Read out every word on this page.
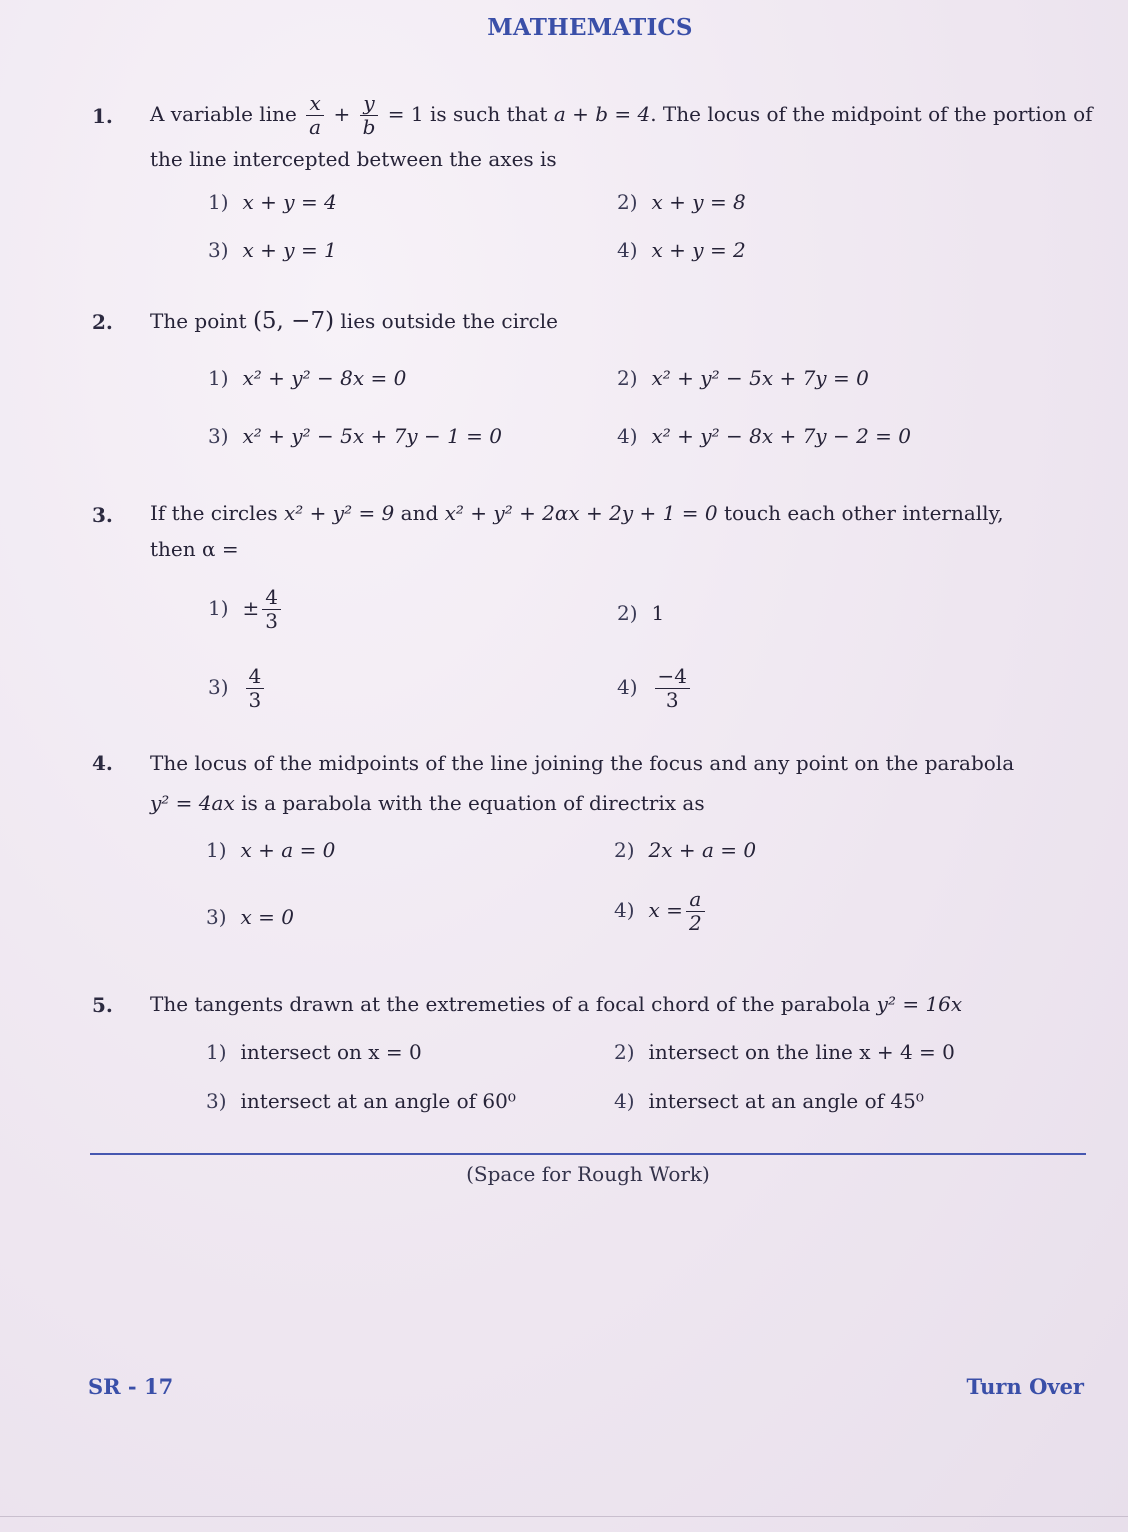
MATHEMATICS
1. A variable line $\frac{x}{a} + \frac{y}{b} = 1$ is such that a + b = 4. The locus of the midpoint of the portion of the line intercepted between the axes is
1) x + y = 4	2) x + y = 8
3) x + y = 1	4) x + y = 2
2. The point (5, −7) lies outside the circle
1) x² + y² − 8x = 0	2) x² + y² − 5x + 7y = 0
3) x² + y² − 5x + 7y − 1 = 0	4) x² + y² − 8x + 7y − 2 = 0
3. If the circles x² + y² = 9 and x² + y² + 2αx + 2y + 1 = 0 touch each other internally,
then α =
$1) \pm \frac{4}{3}$	2) 1
$3) \frac{4}{3}$	$4) \frac{-4}{3}$
4. The locus of the midpoints of the line joining the focus and any point on the parabola
y² = 4ax is a parabola with the equation of directrix as
1) x + a = 0	2) 2x + a = 0
3) x = 0	4) $x = \frac{a}{2}$
5. The tangents drawn at the extremeties of a focal chord of the parabola y² = 16x
1) intersect on x = 0	2) intersect on the line x + 4 = 0
3) intersect at an angle of 60⁰	4) intersect at an angle of 45⁰
(Space for Rough Work)
SR - 17	Turn Over
